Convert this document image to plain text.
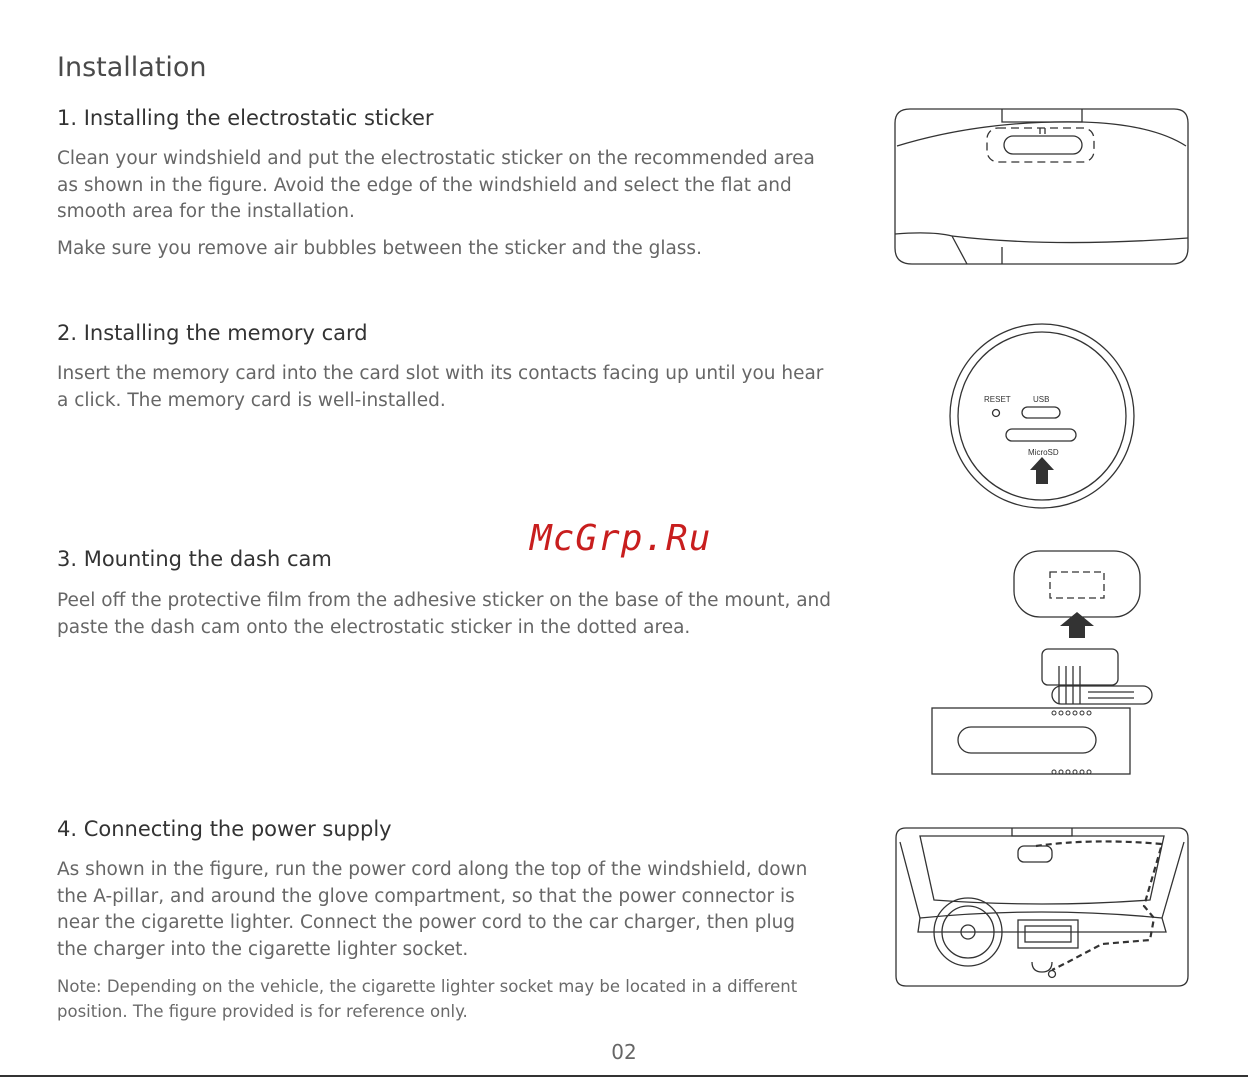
Installation
1. Installing the electrostatic sticker

Clean your windshield and put the electrostatic sticker on the recommended area as shown in the figure. Avoid the edge of the windshield and select the flat and smooth area for the installation.

Make sure you remove air bubbles between the sticker and the glass.

2. Installing the memory card

Insert the memory card into the card slot with its contacts facing up until you hear a click. The memory card is well-installed.

3. Mounting the dash cam

Peel off the protective film from the adhesive sticker on the base of the mount, and paste the dash cam onto the electrostatic sticker in the dotted area.

4. Connecting the power supply

As shown in the figure, run the power cord along the top of the windshield, down the A-pillar, and around the glove compartment, so that the power connector is near the cigarette lighter. Connect the power cord to the car charger, then plug the charger into the cigarette lighter socket.

Note: Depending on the vehicle, the cigarette lighter socket may be located in a different position. The figure provided is for reference only.

RESET	USB
MicroSD
McGrp.Ru
02
